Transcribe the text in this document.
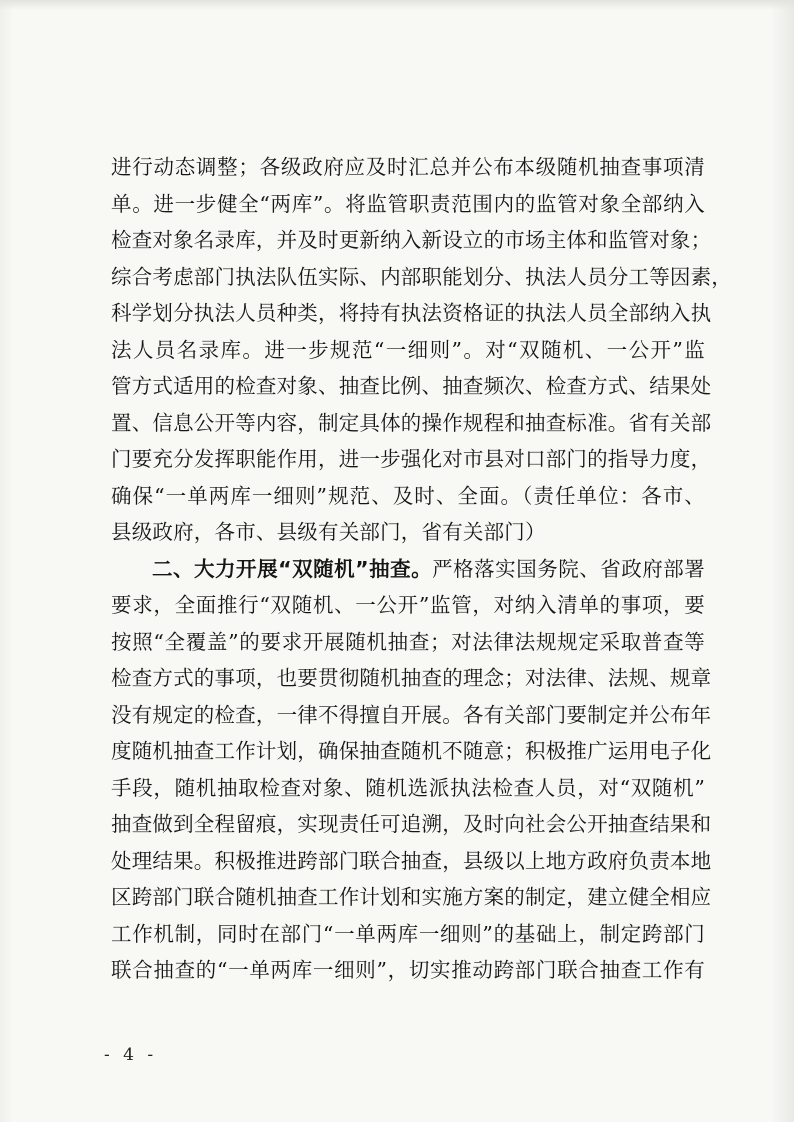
进行动态调整；各级政府应及时汇总并公布本级随机抽查事项清
单。进一步健全“两库”。将监管职责范围内的监管对象全部纳入
检查对象名录库，并及时更新纳入新设立的市场主体和监管对象；
综合考虑部门执法队伍实际、内部职能划分、执法人员分工等因素，
科学划分执法人员种类，将持有执法资格证的执法人员全部纳入执
法人员名录库。进一步规范“一细则”。对“双随机、一公开”监
管方式适用的检查对象、抽查比例、抽查频次、检查方式、结果处
置、信息公开等内容，制定具体的操作规程和抽查标准。省有关部
门要充分发挥职能作用，进一步强化对市县对口部门的指导力度，
确保“一单两库一细则”规范、及时、全面。（责任单位：各市、
县级政府，各市、县级有关部门，省有关部门）
二、大力开展“双随机”抽查。严格落实国务院、省政府部署
要求，全面推行“双随机、一公开”监管，对纳入清单的事项，要
按照“全覆盖”的要求开展随机抽查；对法律法规规定采取普查等
检查方式的事项，也要贯彻随机抽查的理念；对法律、法规、规章
没有规定的检查，一律不得擅自开展。各有关部门要制定并公布年
度随机抽查工作计划，确保抽查随机不随意；积极推广运用电子化
手段，随机抽取检查对象、随机选派执法检查人员，对“双随机”
抽查做到全程留痕，实现责任可追溯，及时向社会公开抽查结果和
处理结果。积极推进跨部门联合抽查，县级以上地方政府负责本地
区跨部门联合随机抽查工作计划和实施方案的制定，建立健全相应
工作机制，同时在部门“一单两库一细则”的基础上，制定跨部门
联合抽查的“一单两库一细则”，切实推动跨部门联合抽查工作有
- 4 -
